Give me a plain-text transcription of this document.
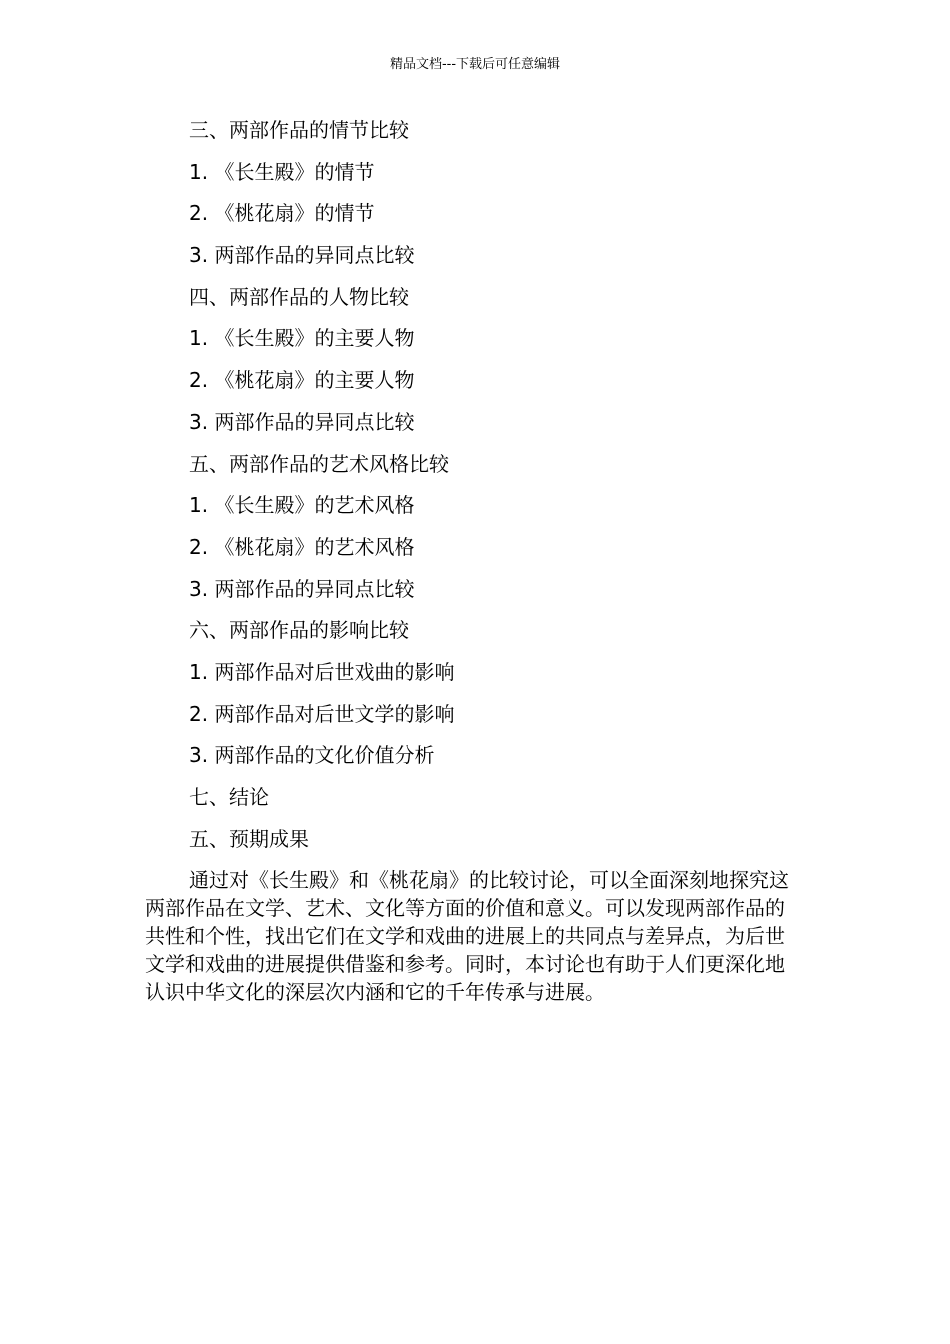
精品文档---下载后可任意编辑
三、两部作品的情节比较
1. 《长生殿》的情节
2. 《桃花扇》的情节
3. 两部作品的异同点比较
四、两部作品的人物比较
1. 《长生殿》的主要人物
2. 《桃花扇》的主要人物
3. 两部作品的异同点比较
五、两部作品的艺术风格比较
1. 《长生殿》的艺术风格
2. 《桃花扇》的艺术风格
3. 两部作品的异同点比较
六、两部作品的影响比较
1. 两部作品对后世戏曲的影响
2. 两部作品对后世文学的影响
3. 两部作品的文化价值分析
七、结论
五、预期成果

通过对《长生殿》和《桃花扇》的比较讨论，可以全面深刻地探究这两部作品在文学、艺术、文化等方面的价值和意义。可以发现两部作品的共性和个性，找出它们在文学和戏曲的进展上的共同点与差异点，为后世文学和戏曲的进展提供借鉴和参考。同时，本讨论也有助于人们更深化地认识中华文化的深层次内涵和它的千年传承与进展。
